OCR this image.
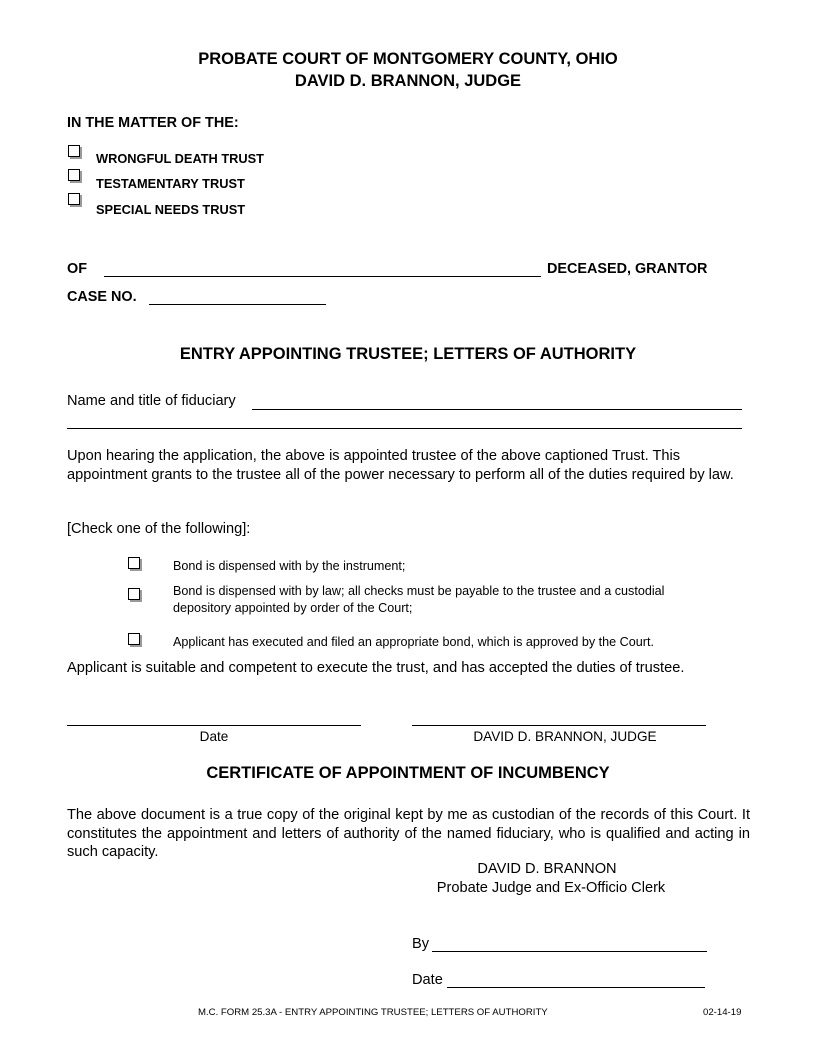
PROBATE COURT OF MONTGOMERY COUNTY, OHIO
DAVID D. BRANNON, JUDGE
IN THE MATTER OF THE:
WRONGFUL DEATH TRUST
TESTAMENTARY TRUST
SPECIAL NEEDS TRUST
OF	DECEASED, GRANTOR
CASE NO.
ENTRY APPOINTING TRUSTEE; LETTERS OF AUTHORITY
Name and title of fiduciary
Upon hearing the application, the above is appointed trustee of the above captioned Trust. This appointment grants to the trustee all of the power necessary to perform all of the duties required by law.
[Check one of the following]:
Bond is dispensed with by the instrument;
Bond is dispensed with by law; all checks must be payable to the trustee and a custodial depository appointed by order of the Court;
Applicant has executed and filed an appropriate bond, which is approved by the Court.
Applicant is suitable and competent to execute the trust, and has accepted the duties of trustee.
Date	DAVID D. BRANNON, JUDGE
CERTIFICATE OF APPOINTMENT OF INCUMBENCY
The above document is a true copy of the original kept by me as custodian of the records of this Court. It constitutes the appointment and letters of authority of the named fiduciary, who is qualified and acting in such capacity.
DAVID D. BRANNON
Probate Judge and Ex-Officio Clerk
By
Date
M.C. FORM 25.3A - ENTRY APPOINTING TRUSTEE; LETTERS OF AUTHORITY	02-14-19
